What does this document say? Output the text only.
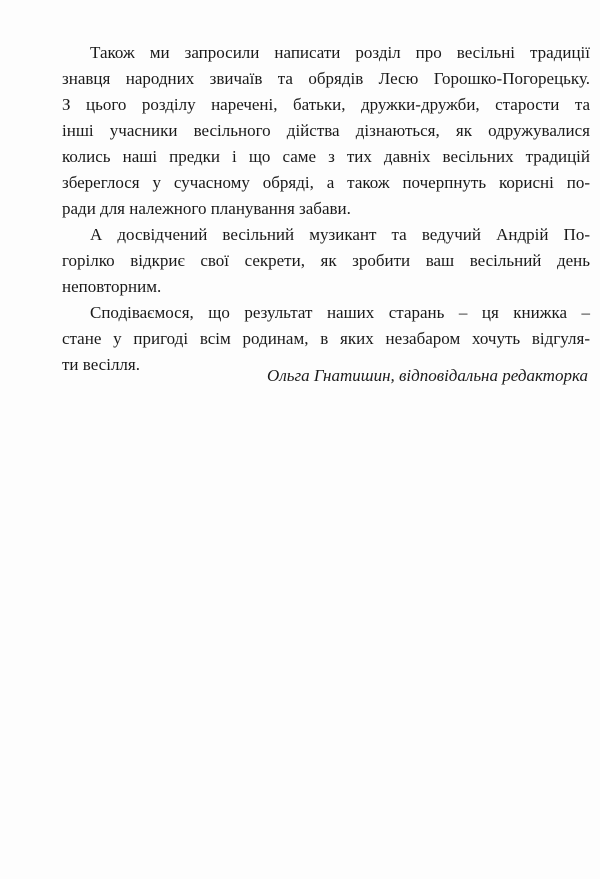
Також ми запросили написати розділ про весільні традиції
знавця народних звичаїв та обрядів Лесю Горошко-Погорецьку.
З цього розділу наречені, батьки, дружки-дружби, старости та
інші учасники весільного дійства дізнаються, як одружувалися
колись наші предки і що саме з тих давніх весільних традицій
збереглося у сучасному обряді, а також почерпнуть корисні по-
ради для належного планування забави.

А досвідчений весільний музикант та ведучий Андрій По-
горілко відкриє свої секрети, як зробити ваш весільний день
неповторним.

Сподіваємося, що результат наших старань – ця книжка –
стане у пригоді всім родинам, в яких незабаром хочуть відгуля-
ти весілля.

Ольга Гнатишин, відповідальна редакторка
